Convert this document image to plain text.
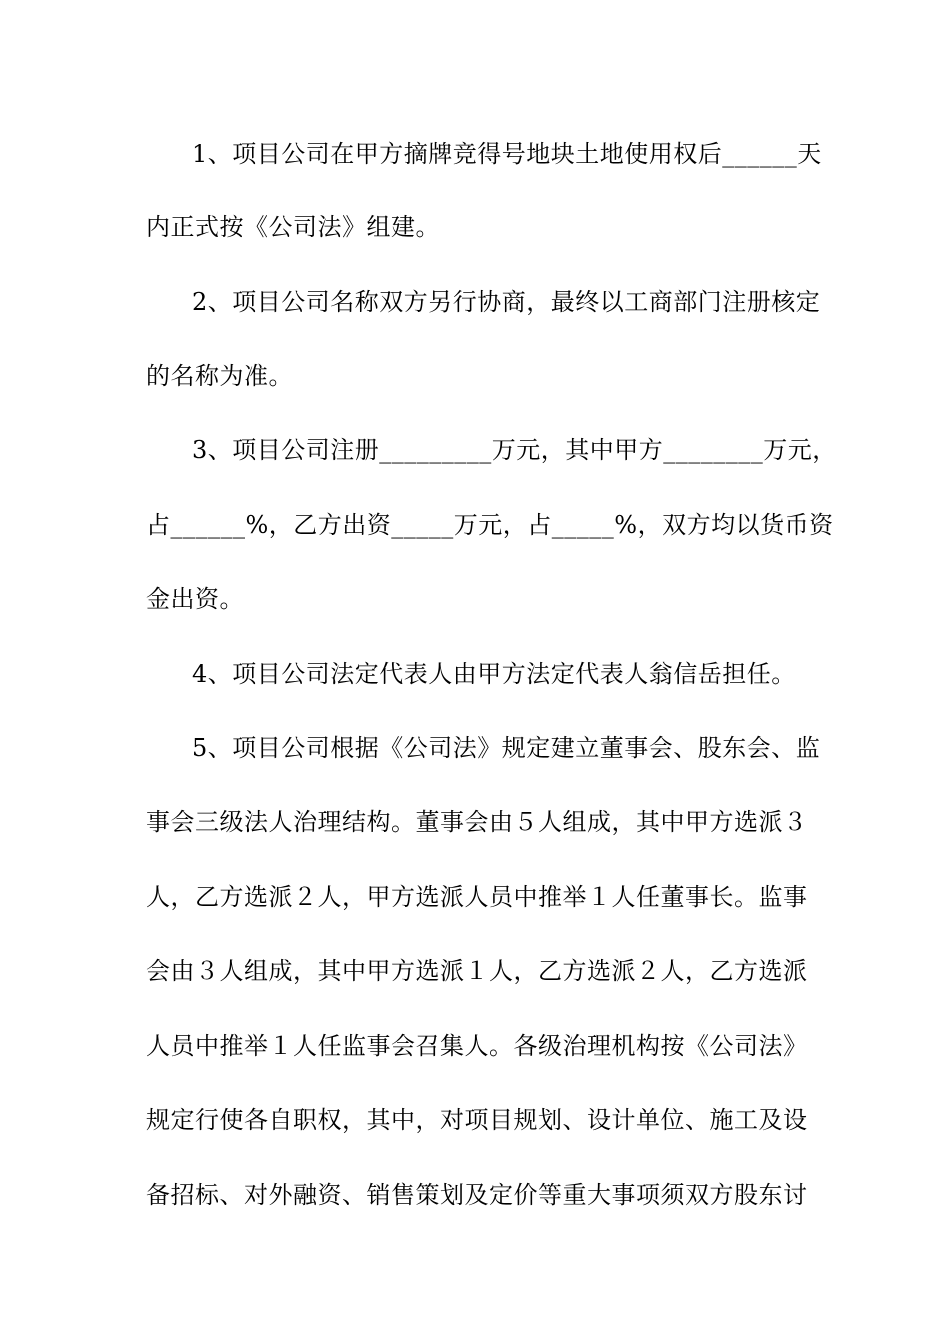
1、项目公司在甲方摘牌竞得号地块土地使用权后______天
内正式按《公司法》组建。
2、项目公司名称双方另行协商，最终以工商部门注册核定
的名称为准。
3、项目公司注册_________万元，其中甲方________万元，
占______%，乙方出资_____万元，占_____%，双方均以货币资
金出资。
4、项目公司法定代表人由甲方法定代表人翁信岳担任。
5、项目公司根据《公司法》规定建立董事会、股东会、监
事会三级法人治理结构。董事会由５人组成，其中甲方选派３
人，乙方选派２人，甲方选派人员中推举１人任董事长。监事
会由３人组成，其中甲方选派１人，乙方选派２人，乙方选派
人员中推举１人任监事会召集人。各级治理机构按《公司法》
规定行使各自职权，其中，对项目规划、设计单位、施工及设
备招标、对外融资、销售策划及定价等重大事项须双方股东讨
